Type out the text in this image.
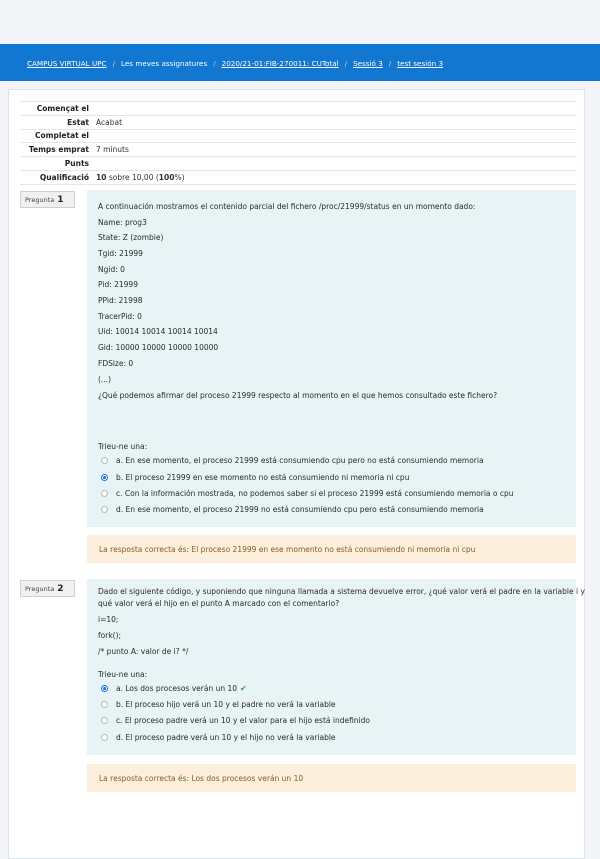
CAMPUS VIRTUAL UPC / Les meves assignatures / 2020/21-01:FIB-270011: CUTotal / Sessió 3 / test sesión 3
Començat el
Estat Acabat
Completat el
Temps emprat 7 minuts
Punts
Qualificació 10 sobre 10,00 (100%)
Pregunta 1
A continuación mostramos el contenido parcial del fichero /proc/21999/status en un momento dado:
Name: prog3
State: Z (zombie)
Tgid: 21999
Ngid: 0
Pid: 21999
PPid: 21998
TracerPid: 0
Uid: 10014 10014 10014 10014
Gid: 10000 10000 10000 10000
FDSize: 0
(...)
¿Qué podemos afirmar del proceso 21999 respecto al momento en el que hemos consultado este fichero?
Trieu-ne una:
a. En ese momento, el proceso 21999 está consumiendo cpu pero no está consumiendo memoria
b. El proceso 21999 en ese momento no está consumiendo ni memoria ni cpu
c. Con la información mostrada, no podemos saber si el proceso 21999 está consumiendo memoria o cpu
d. En ese momento, el proceso 21999 no está consumiendo cpu pero está consumiendo memoria
La resposta correcta és: El proceso 21999 en ese momento no está consumiendo ni memoria ni cpu
Pregunta 2	Dado el siguiente código, y suponiendo que ninguna llamada a sistema devuelve error, ¿qué valor verá el padre en la variable i y
qué valor verá el hijo en el punto A marcado con el comentario?
i=10;
fork();
/* punto A: valor de i? */
Trieu-ne una:
a. Los dos procesos verán un 10 ✔
b. El proceso hijo verá un 10 y el padre no verá la variable
c. El proceso padre verá un 10 y el valor para el hijo está indefinido
d. El proceso padre verá un 10 y el hijo no verá la variable
La resposta correcta és: Los dos procesos verán un 10
